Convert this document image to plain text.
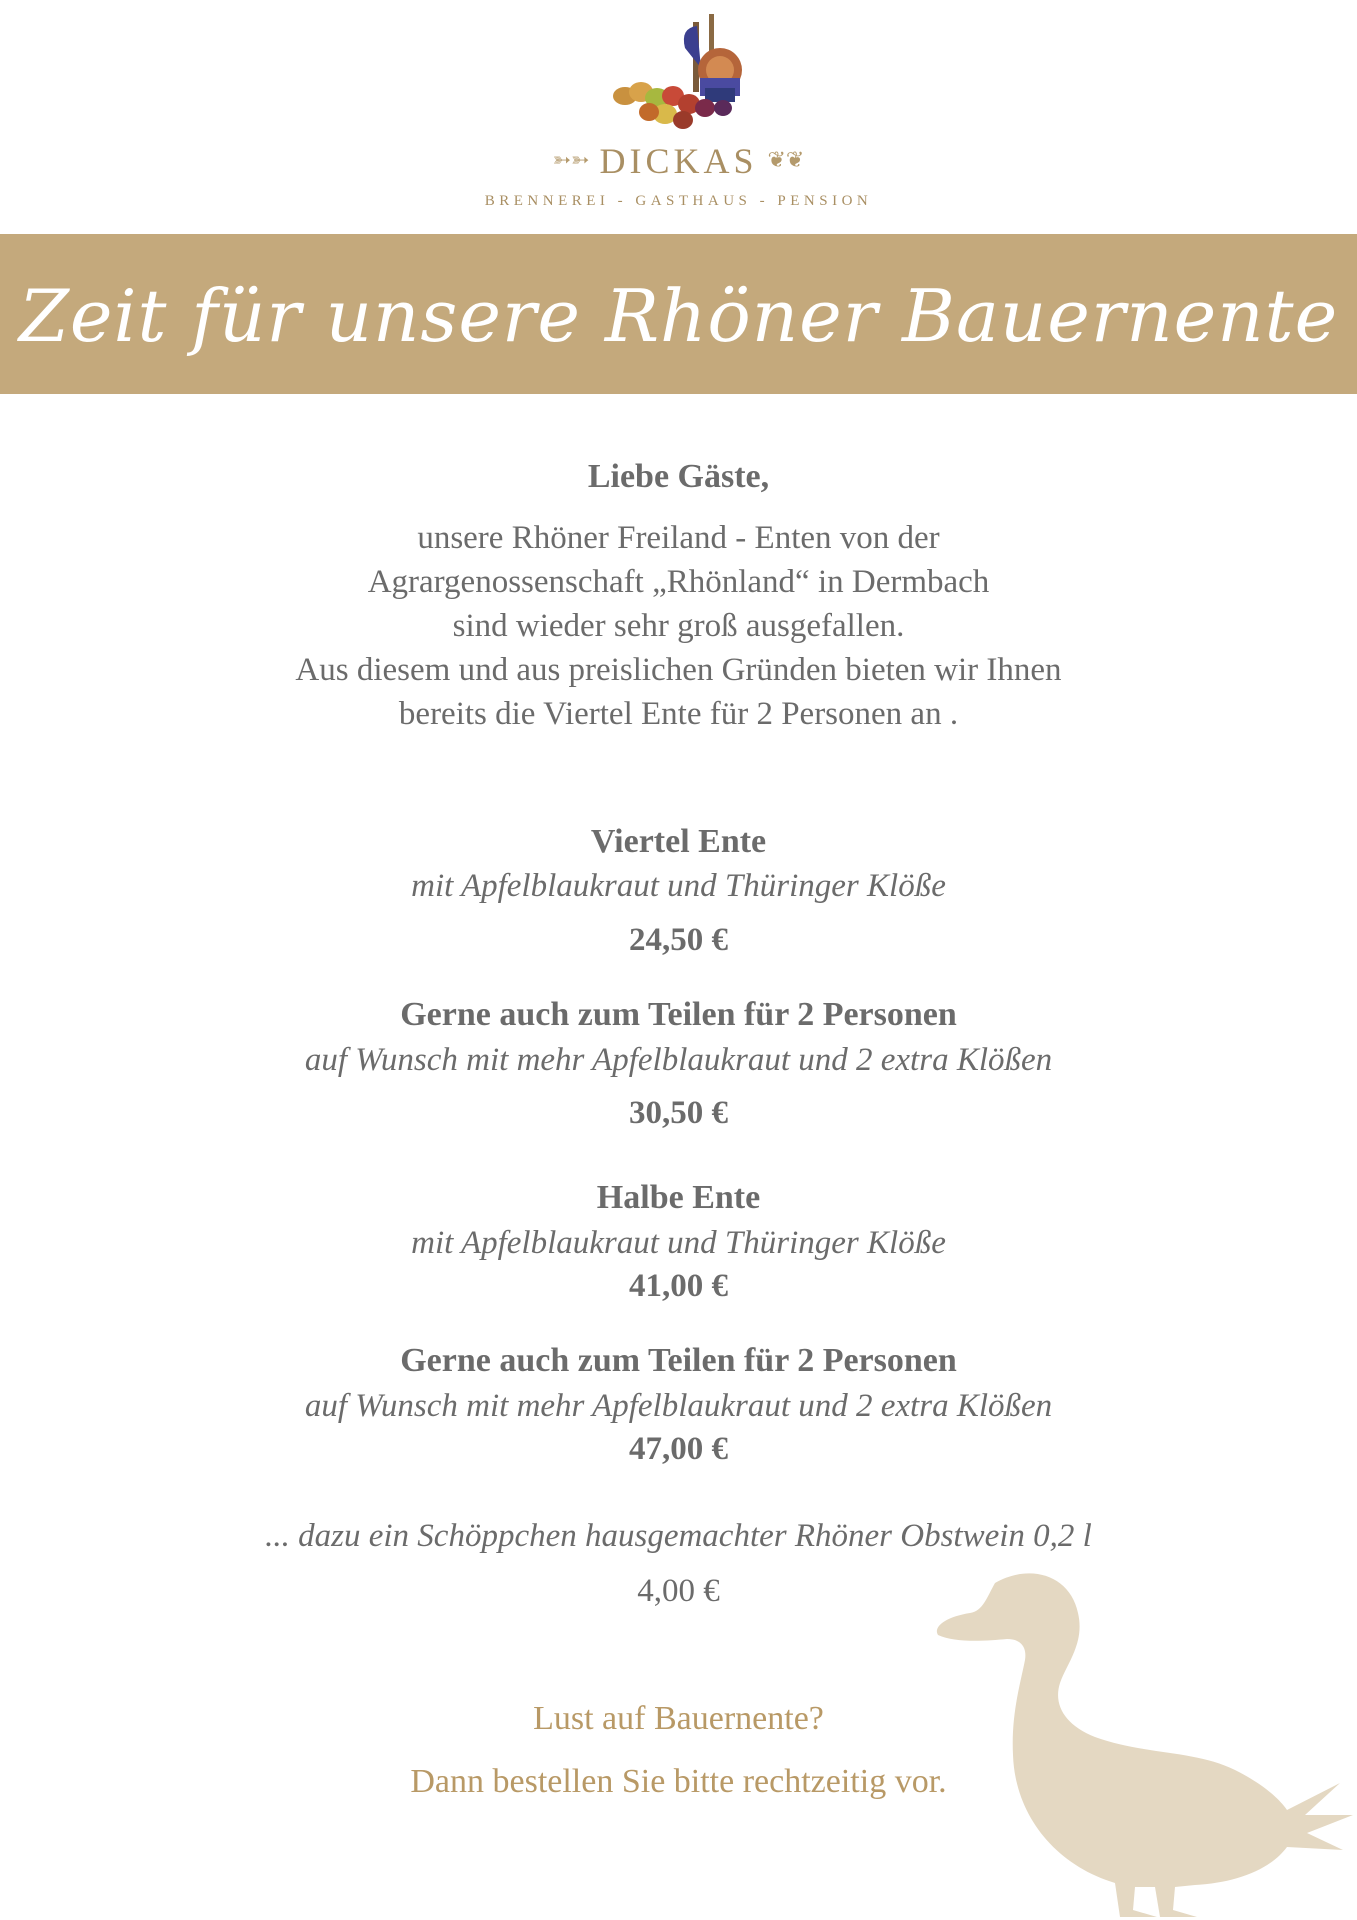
➳➳ DICKAS ❦❦
BRENNEREI - GASTHAUS - PENSION
Zeit für unsere Rhöner Bauernente
Liebe Gäste,
unsere Rhöner Freiland - Enten von der
Agrargenossenschaft „Rhönland“ in Dermbach
sind wieder sehr groß ausgefallen.
Aus diesem und aus preislichen Gründen bieten wir Ihnen
bereits die Viertel Ente für 2 Personen an .
Viertel Ente
mit Apfelblaukraut und Thüringer Klöße
24,50 €
Gerne auch zum Teilen für 2 Personen
auf Wunsch mit mehr Apfelblaukraut und 2 extra Klößen
30,50 €
Halbe Ente
mit Apfelblaukraut und Thüringer Klöße
41,00 €
Gerne auch zum Teilen für 2 Personen
auf Wunsch mit mehr Apfelblaukraut und 2 extra Klößen
47,00 €
... dazu ein Schöppchen hausgemachter Rhöner Obstwein 0,2 l
4,00 €
Lust auf Bauernente?
Dann bestellen Sie bitte rechtzeitig vor.
